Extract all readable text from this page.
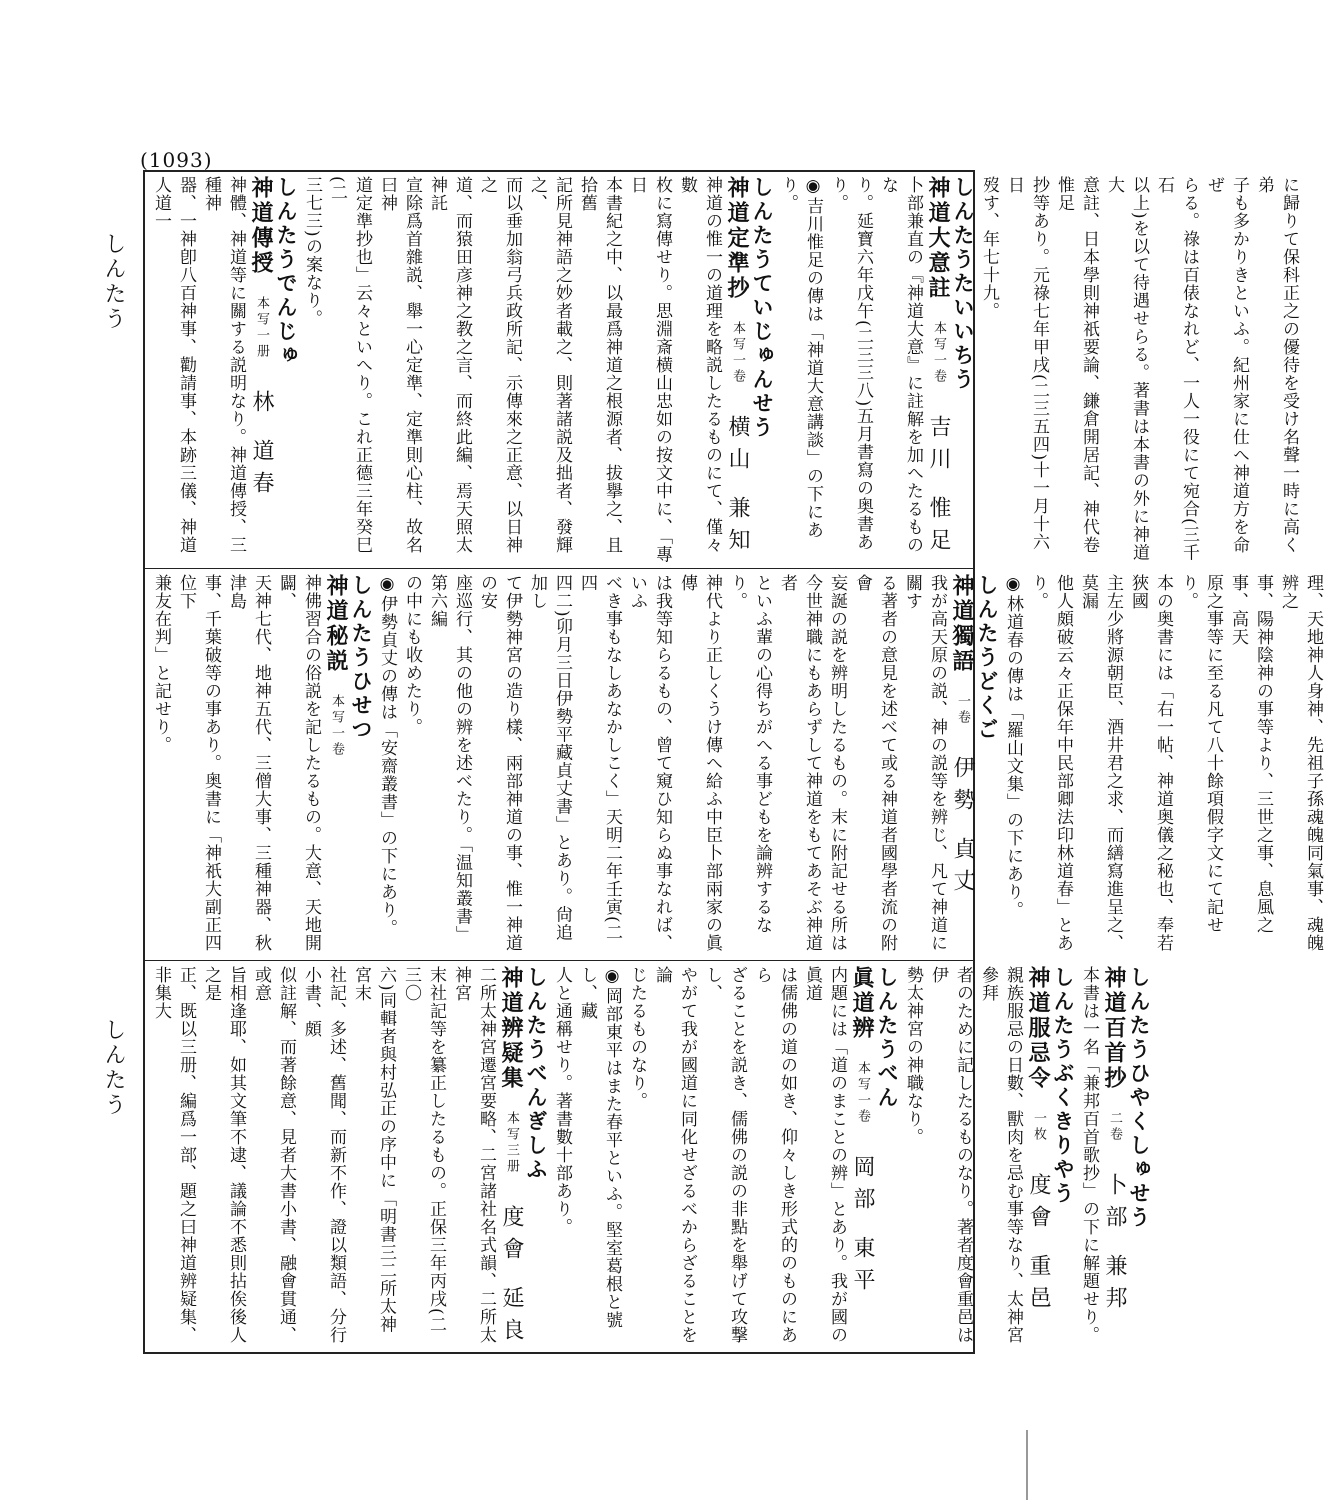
(1093)
しんたう
しんたう

に歸りて保科正之の優待を受け名聲一時に高く弟

子も多かりきといふ。紀州家に仕へ神道方を命ぜ

らる。祿は百俵なれど、一人一役にて宛合(三千石

以上)を以て待遇せらる。著書は本書の外に神道大

意註、日本學則神祇要論、鎌倉開居記、神代卷惟足

抄等あり。元祿七年甲戌(二三五四)十一月十六日

歿す、年七十九。

しんたうたいいちう

神道大意註本写一卷吉川 惟足

卜部兼直の『神道大意』に註解を加へたるものな

り。延寶六年戊午(二三三八)五月書寫の奥書あり。

◉ 吉川惟足の傳は「神道大意講談」の下にあり。

しんたうていじゅんせう

神道定準抄本写一卷横山 兼知

神道の惟一の道理を略説したるものにて、僅々數

枚に寫傳せり。思淵斎横山忠如の按文中に、「專日

本書紀之中、以最爲神道之根源者、拔擧之、且拾舊

記所見神語之妙者載之、則著諸説及拙者、發輝之、

而以垂加翁弓兵政所記、示傳來之正意、以日神之

道、而猿田彦神之教之言、而終此編、焉天照太神託

宣除爲首雜説、舉一心定準、定準則心柱、故名曰神

道定準抄也」云々といへり。これ正德三年癸巳(二

三七三)の案なり。

しんたうでんじゅ

神道傳授本写一册林 道春

神體、神道等に關する説明なり。神道傳授、三種神

器、一神卽八百神事、勸請事、本跡三儀、神道人道一

理、天地神人身神、先祖子孫魂魄同氣事、魂魄辨之

事、陽神陰神の事等より、三世之事、息風之事、高天

原之事等に至る凡て八十餘項假字文にて記せり。

本の奥書には「右一帖、神道奥儀之秘也、奉若狹國

主左少將源朝臣、酒井君之求、而繕寫進呈之、莫漏

他人頗破云々正保年中民部卿法印林道春」とあり。

◉ 林道春の傳は「羅山文集」の下にあり。

しんたうどくご

神道獨語一卷伊勢 貞丈

我が高天原の説、神の説等を辨じ、凡て神道に關す

る著者の意見を述べて或る神道者國學者流の附會

妄誕の説を辨明したるもの。末に附記せる所は

今世神職にもあらずして神道をもてあそぶ神道者

といふ輩の心得ちがへる事どもを論辨するなり。

神代より正しくうけ傳へ給ふ中臣卜部兩家の眞傳

は我等知らるもの、曾て窺ひ知らぬ事なれば、いふ

べき事もなしあなかしこく」天明二年壬寅(二四

四二)卯月三日伊勢平藏貞丈書」とあり。尙追加し

て伊勢神宮の造り樣、兩部神道の事、惟一神道の安

座巡行、其の他の辨を述べたり。「温知叢書」第六編

の中にも收めたり。

◉ 伊勢貞丈の傳は「安齋叢書」の下にあり。

しんたうひせつ

神道秘説本写一卷

神佛習合の俗説を記したるもの。大意、天地開闢、

天神七代、地神五代、三僧大事、三種神器、秋津島

事、千葉破等の事あり。奥書に「神祇大副正四位下

兼友在判」と記せり。

しんたうひやくしゅせう

神道百首抄二卷卜部 兼邦

本書は一名「兼邦百首歌抄」の下に解題せり。

しんたうぶくきりやう

神道服忌令一枚度會 重邑

親族服忌の日數、獸肉を忌む事等なり、太神宮參拜

者のために記したるものなり。著者度會重邑は伊

勢太神宮の神職なり。

しんたうべん

眞道辨本写一卷岡部 東平

内題には「道のまことの辨」とあり。我が國の眞道

は儒佛の道の如き、仰々しき形式的のものにあら

ざることを説き、儒佛の説の非點を舉げて攻撃し、

やがて我が國道に同化せざるべからざることを論

じたるものなり。

◉ 岡部東平はまた春平といふ。堅室葛根と號し、藏

人と通稱せり。著書數十部あり。

しんたうべんぎしふ

神道辨疑集本写三册度會 延良

二所太神宮遷宮要略、二宮諸社名式韻、二所太神宮

末社記等を纂正したるもの。正保三年丙戌(二三〇

六)同輯者與村弘正の序中に「明書三二所太神宮末

社記、多述、舊聞、而新不作、證以類語、分行小書、頗

似註解、而著餘意、見者大書小書、融會貫通、或意

旨相逢耶、如其文筆不逮、議論不悉則拈俟後人之是

正、既以三册、編爲一部、題之曰神道辨疑集、非集大
